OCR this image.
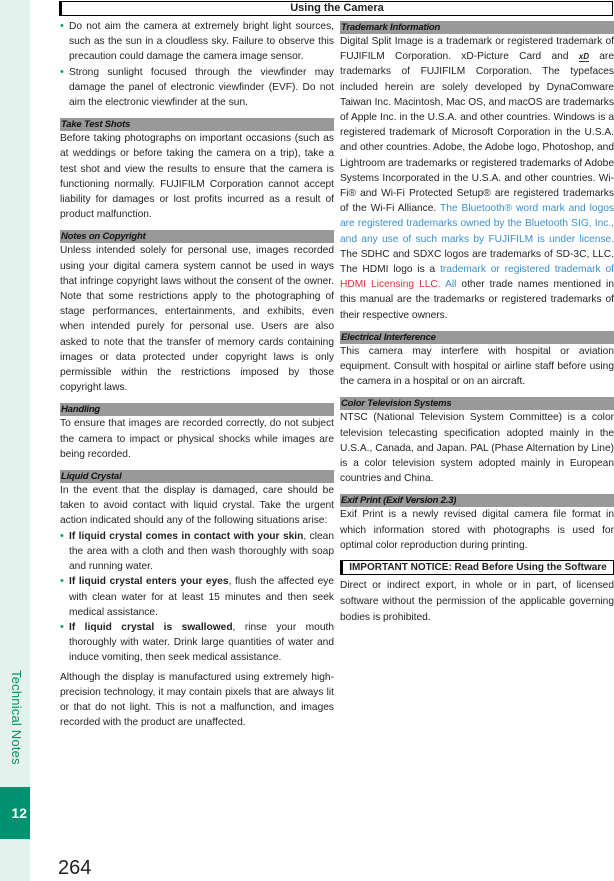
Technical Notes
12
264
Using the Camera
• Do not aim the camera at extremely bright light sources, such as the sun in a cloudless sky. Failure to observe this precaution could damage the camera image sensor.
• Strong sunlight focused through the viewfinder may damage the panel of electronic viewfinder (EVF). Do not aim the electronic viewfinder at the sun.
Take Test Shots

Before taking photographs on important occasions (such as at weddings or before taking the camera on a trip), take a test shot and view the results to ensure that the camera is functioning normally. FUJIFILM Corporation cannot accept liability for damages or lost profits incurred as a result of product malfunction.

Notes on Copyright

Unless intended solely for personal use, images recorded using your digital camera system cannot be used in ways that infringe copyright laws without the consent of the owner. Note that some restrictions apply to the photographing of stage performances, entertainments, and exhibits, even when intended purely for personal use. Users are also asked to note that the transfer of memory cards containing images or data protected under copyright laws is only permissible within the restrictions imposed by those copyright laws.

Handling

To ensure that images are recorded correctly, do not subject the camera to impact or physical shocks while images are being recorded.

Liquid Crystal

In the event that the display is damaged, care should be taken to avoid contact with liquid crystal. Take the urgent action indicated should any of the following situations arise:

• If liquid crystal comes in contact with your skin, clean the area with a cloth and then wash thoroughly with soap and running water.
• If liquid crystal enters your eyes, flush the affected eye with clean water for at least 15 minutes and then seek medical assistance.
• If liquid crystal is swallowed, rinse your mouth thoroughly with water. Drink large quantities of water and induce vomiting, then seek medical assistance.

Although the display is manufactured using extremely high-precision technology, it may contain pixels that are always lit or that do not light. This is not a malfunction, and images recorded with the product are unaffected.

Trademark Information

Digital Split Image is a trademark or registered trademark of FUJIFILM Corporation. xD-Picture Card and xD are trademarks of FUJIFILM Corporation. The typefaces included herein are solely developed by DynaComware Taiwan Inc. Macintosh, Mac OS, and macOS are trademarks of Apple Inc. in the U.S.A. and other countries. Windows is a registered trademark of Microsoft Corporation in the U.S.A. and other countries. Adobe, the Adobe logo, Photoshop, and Lightroom are trademarks or registered trademarks of Adobe Systems Incorporated in the U.S.A. and other countries. Wi-Fi® and Wi-Fi Protected Setup® are registered trademarks of the Wi-Fi Alliance. The Bluetooth® word mark and logos are registered trademarks owned by the Bluetooth SIG, Inc., and any use of such marks by FUJIFILM is under license. The SDHC and SDXC logos are trademarks of SD-3C, LLC. The HDMI logo is a trademark or registered trademark of HDMI Licensing LLC. All other trade names mentioned in this manual are the trademarks or registered trademarks of their respective owners.

Electrical Interference

This camera may interfere with hospital or aviation equipment. Consult with hospital or airline staff before using the camera in a hospital or on an aircraft.

Color Television Systems

NTSC (National Television System Committee) is a color television telecasting specification adopted mainly in the U.S.A., Canada, and Japan. PAL (Phase Alternation by Line) is a color television system adopted mainly in European countries and China.

Exif Print (Exif Version 2.3)

Exif Print is a newly revised digital camera file format in which information stored with photographs is used for optimal color reproduction during printing.

IMPORTANT NOTICE: Read Before Using the Software

Direct or indirect export, in whole or in part, of licensed software without the permission of the applicable governing bodies is prohibited.
